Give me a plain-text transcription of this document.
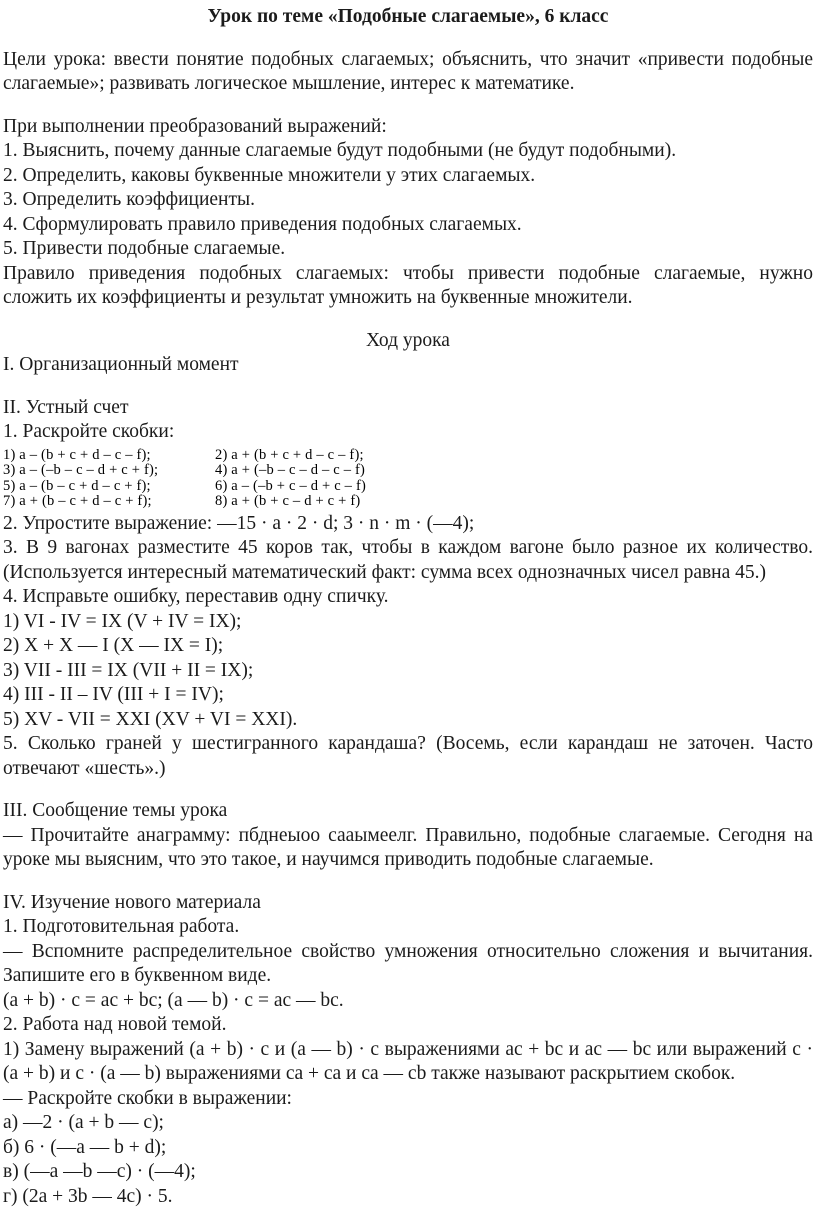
Урок по теме «Подобные слагаемые», 6 класс

Цели урока: ввести понятие подобных слагаемых; объяснить, что значит «привести подобные слагаемые»; развивать логическое мышление, интерес к математике.

При выполнении преобразований выражений:

1. Выяснить, почему данные слагаемые будут подобными (не будут подобными).

2. Определить, каковы буквенные множители у этих слагаемых.

3. Определить коэффициенты.

4. Сформулировать правило приведения подобных слагаемых.

5. Привести подобные слагаемые.

Правило приведения подобных слагаемых: чтобы привести подобные слагаемые, нужно сложить их коэффициенты и результат умножить на буквенные множители.

Ход урока

I. Организационный момент

II. Устный счет

1. Раскройте скобки:

1) a – (b + c + d – c – f);	2) a + (b + c + d – c – f);
3) a – (–b – c – d + c + f);	4) a + (–b – c – d – c – f)
5) a – (b – c + d – c + f);	6) a – (–b + c – d + c – f)
7) a + (b – c + d – c + f);	8) a + (b + c – d + c + f)

2. Упростите выражение: —15 · a · 2 · d; 3 · n · m · (—4);

3. В 9 вагонах разместите 45 коров так, чтобы в каждом вагоне было разное их количество. (Используется интересный математический факт: сумма всех однозначных чисел равна 45.)

4. Исправьте ошибку, переставив одну спичку.

1) VI - IV = IX (V + IV = IX);

2) X + X — I (X — IX = I);

3) VII - III = IX (VII + II = IX);

4) III - II – IV (III + I = IV);

5) XV - VII = XXI (XV + VI = XXI).

5. Сколько граней у шестигранного карандаша? (Восемь, если карандаш не заточен. Часто отвечают «шесть».)

III. Сообщение темы урока

— Прочитайте анаграмму: пбднеыоо сааымеелг. Правильно, подобные слагаемые. Сегодня на уроке мы выясним, что это такое, и научимся приводить подобные слагаемые.

IV. Изучение нового материала

1. Подготовительная работа.

— Вспомните распределительное свойство умножения относительно сложения и вычитания. Запишите его в буквенном виде.

(a + b) · c = ac + bc; (a — b) · c = ac — bc.

2. Работа над новой темой.

1) Замену выражений (a + b) · c и (a — b) · c выражениями ac + bc и ac — bc или выражений c · (a + b) и c · (a — b) выражениями ca + ca и ca — cb также называют раскрытием скобок.

— Раскройте скобки в выражении:

а) —2 · (a + b — c);

б) 6 · (—a — b + d);

в) (—a —b —c) · (—4);

г) (2a + 3b — 4c) · 5.
